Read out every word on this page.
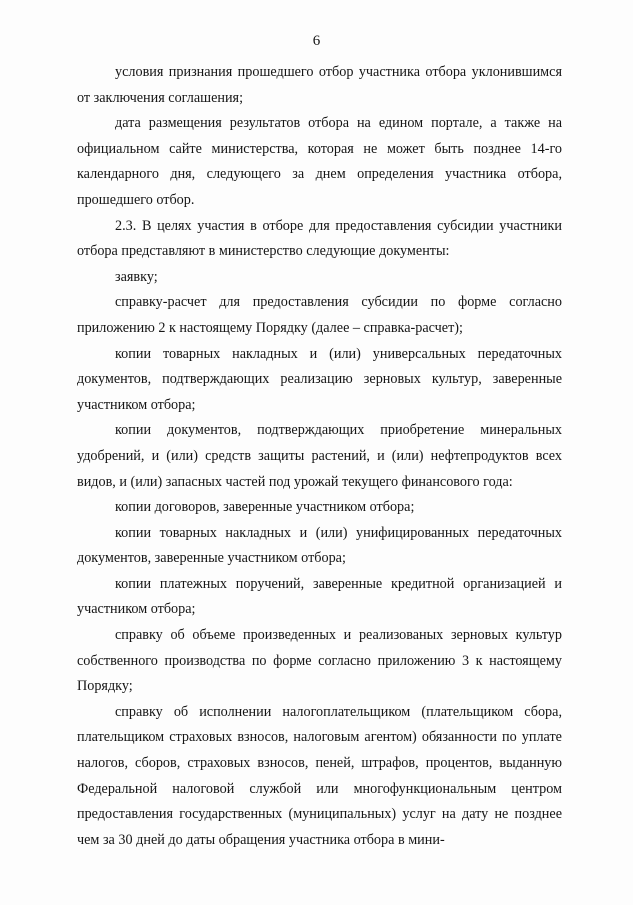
6

условия признания прошедшего отбор участника отбора уклонившимся от заключения соглашения;

дата размещения результатов отбора на едином портале, а также на официальном сайте министерства, которая не может быть позднее 14-го календарного дня, следующего за днем определения участника отбора, прошедшего отбор.

2.3. В целях участия в отборе для предоставления субсидии участники отбора представляют в министерство следующие документы:

заявку;

справку-расчет для предоставления субсидии по форме согласно приложению 2 к настоящему Порядку (далее – справка-расчет);

копии товарных накладных и (или) универсальных передаточных документов, подтверждающих реализацию зерновых культур, заверенные участником отбора;

копии документов, подтверждающих приобретение минеральных удобрений, и (или) средств защиты растений, и (или) нефтепродуктов всех видов, и (или) запасных частей под урожай текущего финансового года:

копии договоров, заверенные участником отбора;

копии товарных накладных и (или) унифицированных передаточных документов, заверенные участником отбора;

копии платежных поручений, заверенные кредитной организацией и участником отбора;

справку об объеме произведенных и реализованых зерновых культур собственного производства по форме согласно приложению 3 к настоящему Порядку;

справку об исполнении налогоплательщиком (плательщиком сбора, плательщиком страховых взносов, налоговым агентом) обязанности по уплате налогов, сборов, страховых взносов, пеней, штрафов, процентов, выданную Федеральной налоговой службой или многофункциональным центром предоставления государственных (муниципальных) услуг на дату не позднее чем за 30 дней до даты обращения участника отбора в мини-
